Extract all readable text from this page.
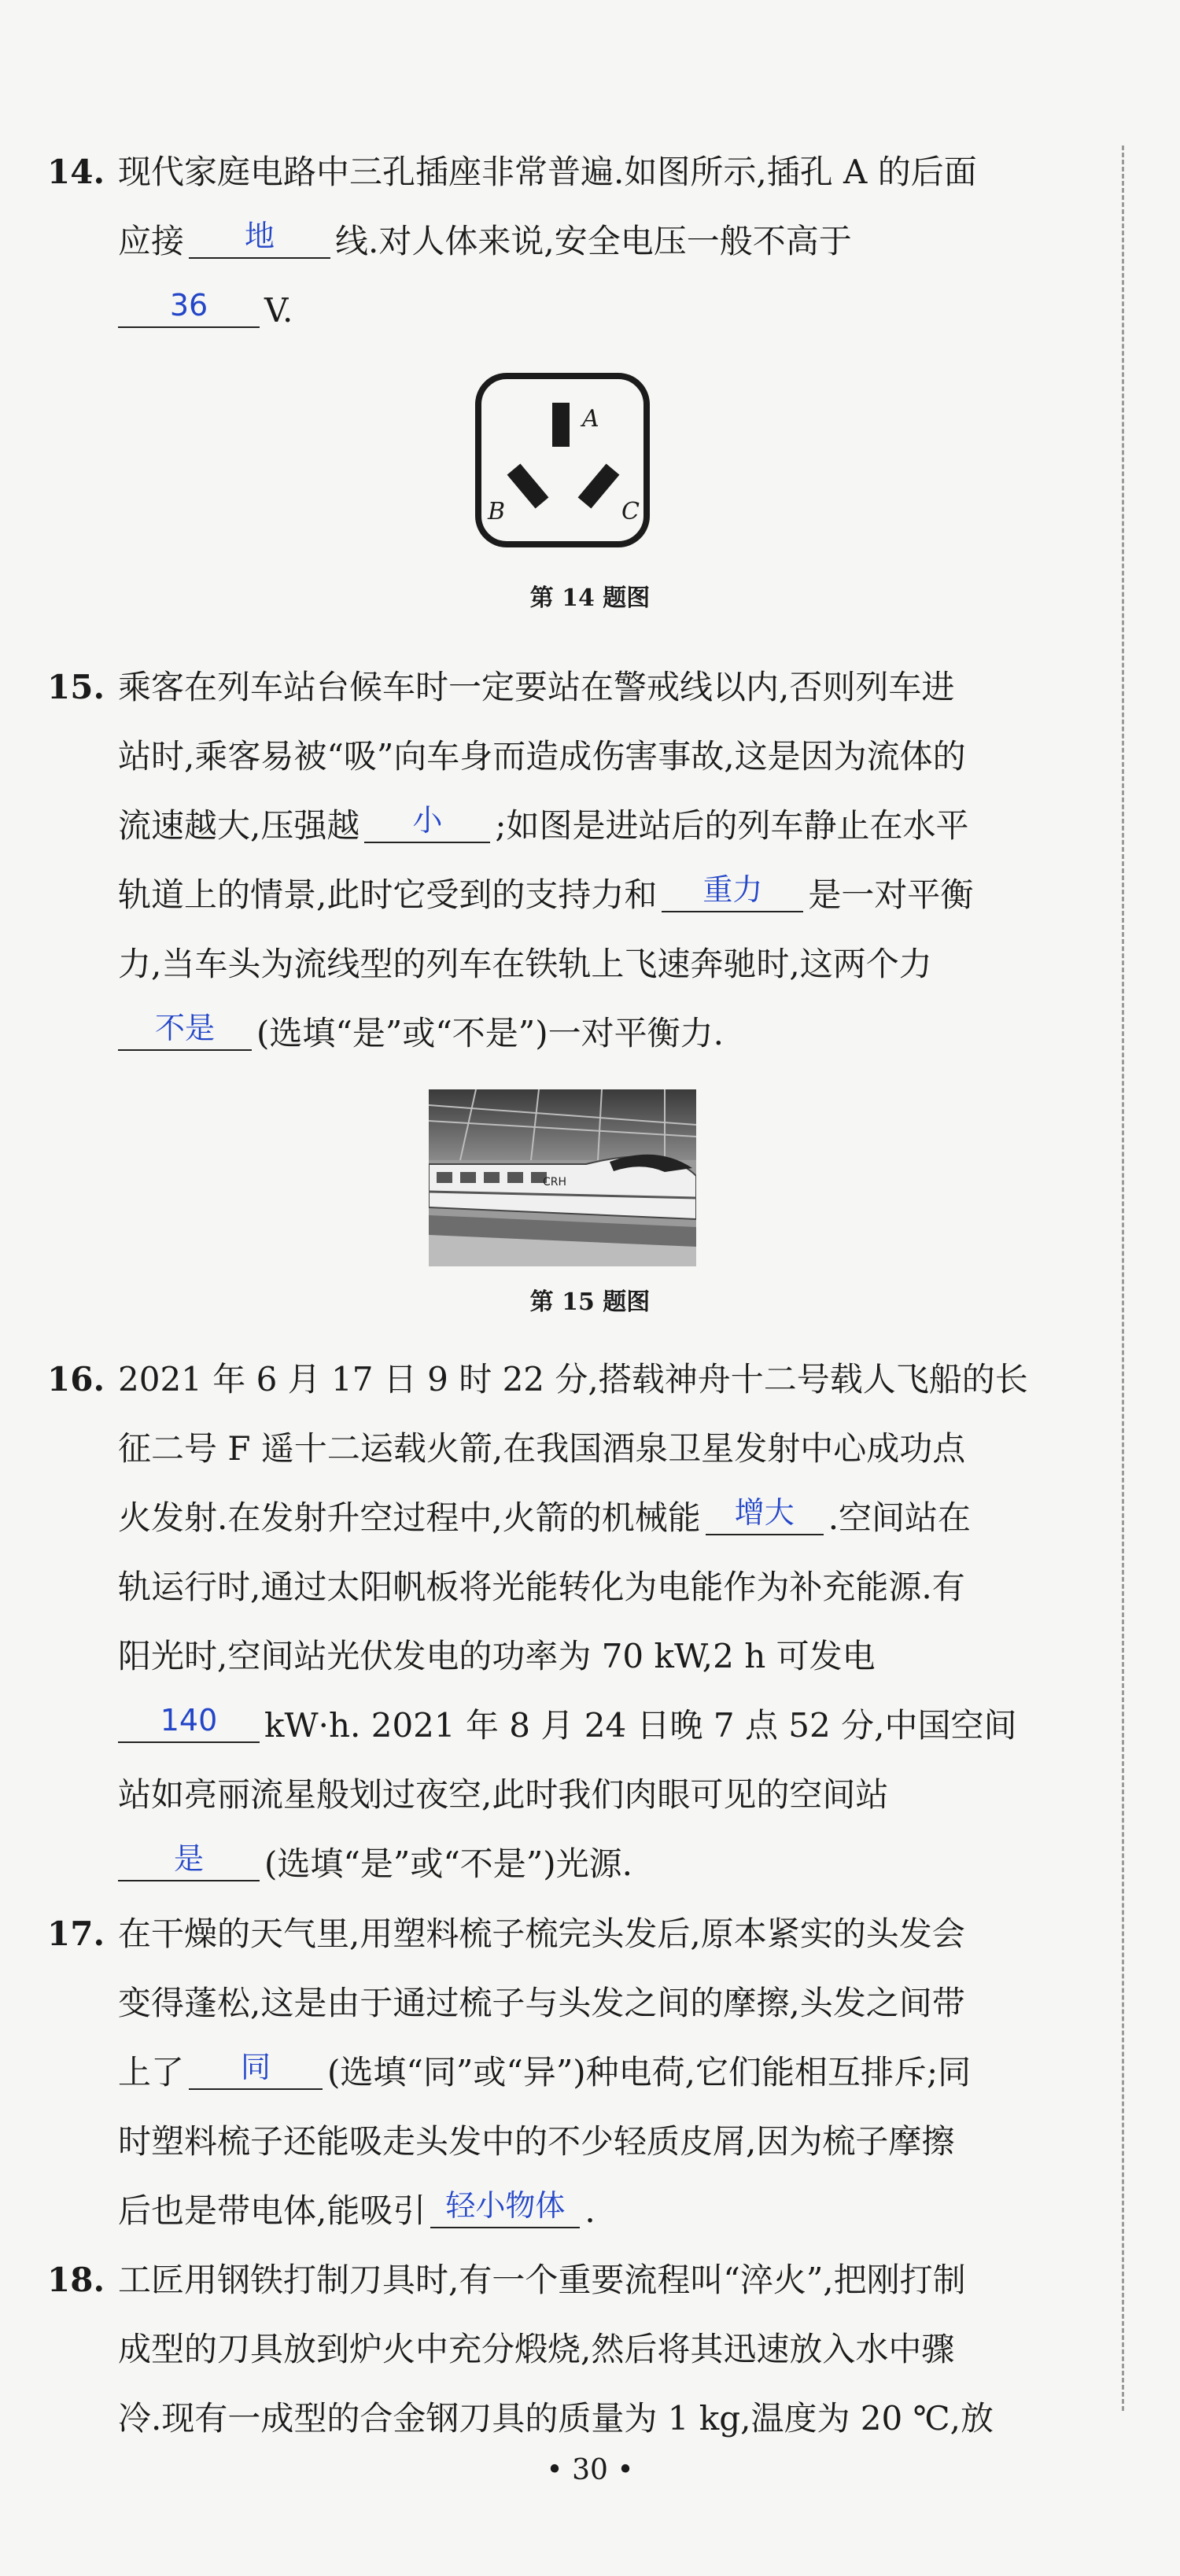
14. 现代家庭电路中三孔插座非常普遍.如图所示,插孔 A 的后面
应接	地	线.对人体来说,安全电压一般不高于
36	V.
A
B	C
第 14 题图
15. 乘客在列车站台候车时一定要站在警戒线以内,否则列车进
站时,乘客易被“吸”向车身而造成伤害事故,这是因为流体的
流速越大,压强越	小	;如图是进站后的列车静止在水平
轨道上的情景,此时它受到的支持力和	重力	是一对平衡
力,当车头为流线型的列车在铁轨上飞速奔驰时,这两个力
不是	(选填“是”或“不是”)一对平衡力.
CRH
第 15 题图
16. 2021 年 6 月 17 日 9 时 22 分,搭载神舟十二号载人飞船的长
征二号 F 遥十二运载火箭,在我国酒泉卫星发射中心成功点
火发射.在发射升空过程中,火箭的机械能	增大	.空间站在
轨运行时,通过太阳帆板将光能转化为电能作为补充能源.有
阳光时,空间站光伏发电的功率为 70 kW,2 h 可发电
140	kW·h. 2021 年 8 月 24 日晚 7 点 52 分,中国空间
站如亮丽流星般划过夜空,此时我们肉眼可见的空间站
是	(选填“是”或“不是”)光源.
17. 在干燥的天气里,用塑料梳子梳完头发后,原本紧实的头发会
变得蓬松,这是由于通过梳子与头发之间的摩擦,头发之间带
上了	同	(选填“同”或“异”)种电荷,它们能相互排斥;同
时塑料梳子还能吸走头发中的不少轻质皮屑,因为梳子摩擦
后也是带电体,能吸引 轻小物体 .
18. 工匠用钢铁打制刀具时,有一个重要流程叫“淬火”,把刚打制
成型的刀具放到炉火中充分煅烧,然后将其迅速放入水中骤
冷.现有一成型的合金钢刀具的质量为 1 kg,温度为 20 ℃,放
• 30 •
